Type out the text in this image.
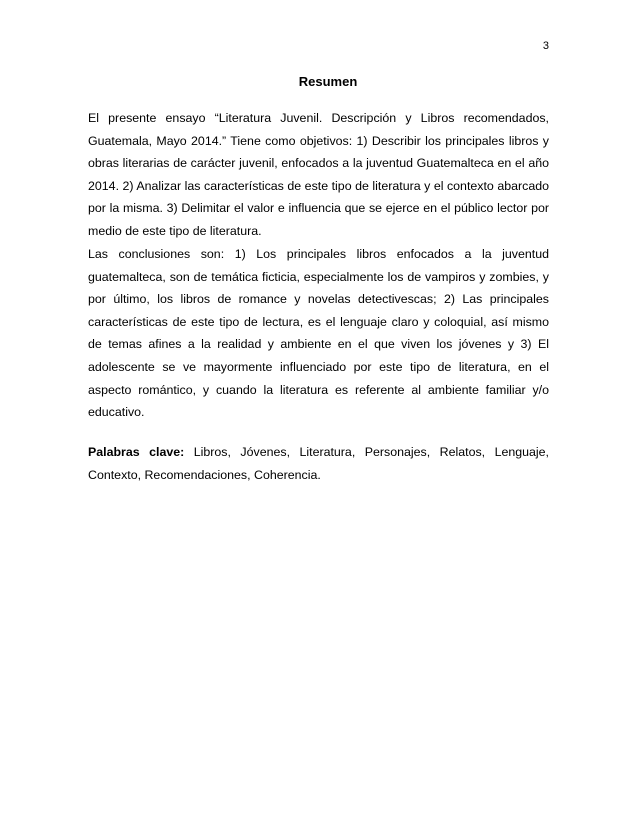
3
Resumen

El presente ensayo “Literatura Juvenil. Descripción y Libros recomendados, Guatemala, Mayo 2014.” Tiene como objetivos: 1) Describir los principales libros y obras literarias de carácter juvenil, enfocados a la juventud Guatemalteca en el año 2014. 2) Analizar las características de este tipo de literatura y el contexto abarcado por la misma. 3) Delimitar el valor e influencia que se ejerce en el público lector por medio de este tipo de literatura.

Las conclusiones son: 1) Los principales libros enfocados a la juventud guatemalteca, son de temática ficticia, especialmente los de vampiros y zombies, y por último, los libros de romance y novelas detectivescas; 2) Las principales características de este tipo de lectura, es el lenguaje claro y coloquial, así mismo de temas afines a la realidad y ambiente en el que viven los jóvenes y 3) El adolescente se ve mayormente influenciado por este tipo de literatura, en el aspecto romántico, y cuando la literatura es referente al ambiente familiar y/o educativo.

Palabras clave: Libros, Jóvenes, Literatura, Personajes, Relatos, Lenguaje, Contexto, Recomendaciones, Coherencia.
